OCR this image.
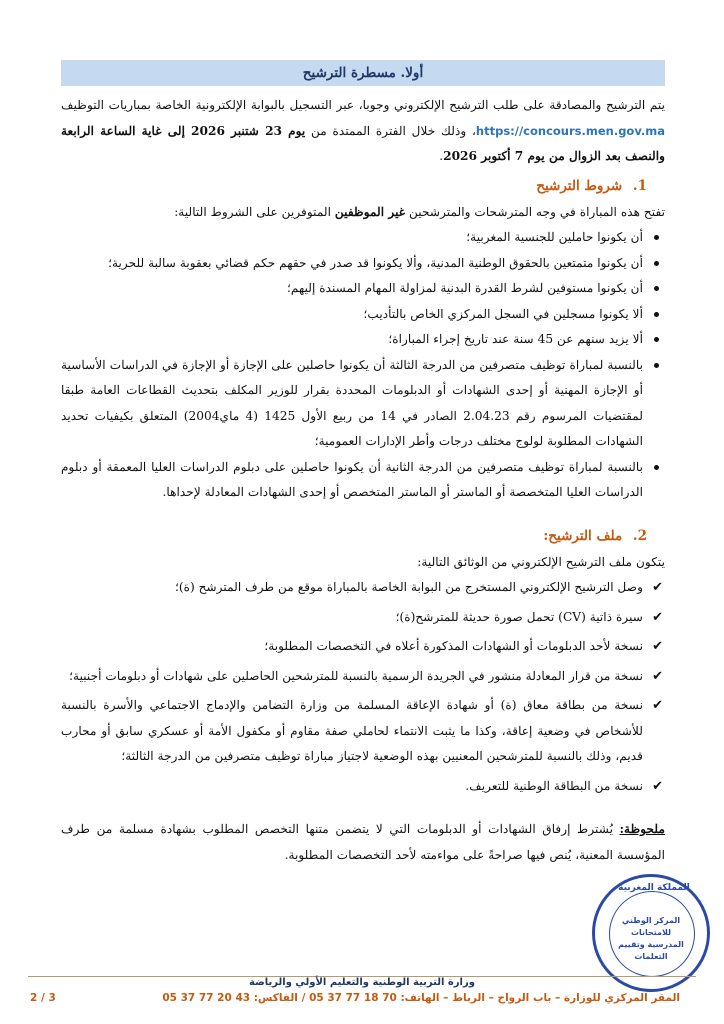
أولا. مسطرة الترشيح

يتم الترشيح والمصادقة على طلب الترشيح الإلكتروني وجوبا، عبر التسجيل بالبوابة الإلكترونية الخاصة بمباريات التوظيف https://concours.men.gov.ma، وذلك خلال الفترة الممتدة من يوم 23 شتنبر 2026 إلى غاية الساعة الرابعة والنصف بعد الزوال من يوم 7 أكتوبر 2026.

1. شروط الترشيح

تفتح هذه المباراة في وجه المترشحات والمترشحين غير الموظفين المتوفرين على الشروط التالية:

أن يكونوا حاملين للجنسية المغربية؛
أن يكونوا متمتعين بالحقوق الوطنية المدنية، وألا يكونوا قد صدر في حقهم حكم قضائي بعقوبة سالبة للحرية؛
أن يكونوا مستوفين لشرط القدرة البدنية لمزاولة المهام المسندة إليهم؛
ألا يكونوا مسجلين في السجل المركزي الخاص بالتأديب؛
ألا يزيد سنهم عن 45 سنة عند تاريخ إجراء المباراة؛
بالنسبة لمباراة توظيف متصرفين من الدرجة الثالثة أن يكونوا حاصلين على الإجازة أو الإجازة في الدراسات الأساسية أو الإجازة المهنية أو إحدى الشهادات أو الدبلومات المحددة بقرار للوزير المكلف بتحديث القطاعات العامة طبقا لمقتضيات المرسوم رقم 2.04.23 الصادر في 14 من ربيع الأول 1425 (4 ماي2004) المتعلق بكيفيات تحديد الشهادات المطلوبة لولوج مختلف درجات وأطر الإدارات العمومية؛
بالنسبة لمباراة توظيف متصرفين من الدرجة الثانية أن يكونوا حاصلين على دبلوم الدراسات العليا المعمقة أو دبلوم الدراسات العليا المتخصصة أو الماستر أو الماستر المتخصص أو إحدى الشهادات المعادلة لإحداها.
2. ملف الترشيح:

يتكون ملف الترشيح الإلكتروني من الوثائق التالية:

✔
وصل الترشيح الإلكتروني المستخرج من البوابة الخاصة بالمباراة موقع من طرف المترشح (ة)؛
✔
سيرة ذاتية (CV) تحمل صورة حديثة للمترشح(ة)؛
✔
نسخة لأحد الدبلومات أو الشهادات المذكورة أعلاه في التخصصات المطلوبة؛
✔
نسخة من قرار المعادلة منشور في الجريدة الرسمية بالنسبة للمترشحين الحاصلين على شهادات أو دبلومات أجنبية؛
✔
نسخة من بطاقة معاق (ة) أو شهادة الإعاقة المسلمة من وزارة التضامن والإدماج الاجتماعي والأسرة بالنسبة للأشخاص في وضعية إعاقة، وكذا ما يثبت الانتماء لحاملي صفة مقاوم أو مكفول الأمة أو عسكري سابق أو محارب قديم، وذلك بالنسبة للمترشحين المعنيين بهذه الوضعية لاجتياز مباراة توظيف متصرفين من الدرجة الثالثة؛
✔
نسخة من البطاقة الوطنية للتعريف.

ملحوظة: يُشترط إرفاق الشهادات أو الدبلومات التي لا يتضمن متنها التخصص المطلوب بشهادة مسلمة من طرف المؤسسة المعنية، يُنص فيها صراحةً على مواءمته لأحد التخصصات المطلوبة.

المملكة المغربية
المركز الوطني للامتحانات المدرسية وتقييم التعلمات
وزارة التربية الوطنية والتعليم الأولي والرياضة
المقر المركزي للوزارة – باب الرواح – الرباط – الهاتف: 70 18 77 37 05 / الفاكس: 43 20 77 37 05
2 / 3
